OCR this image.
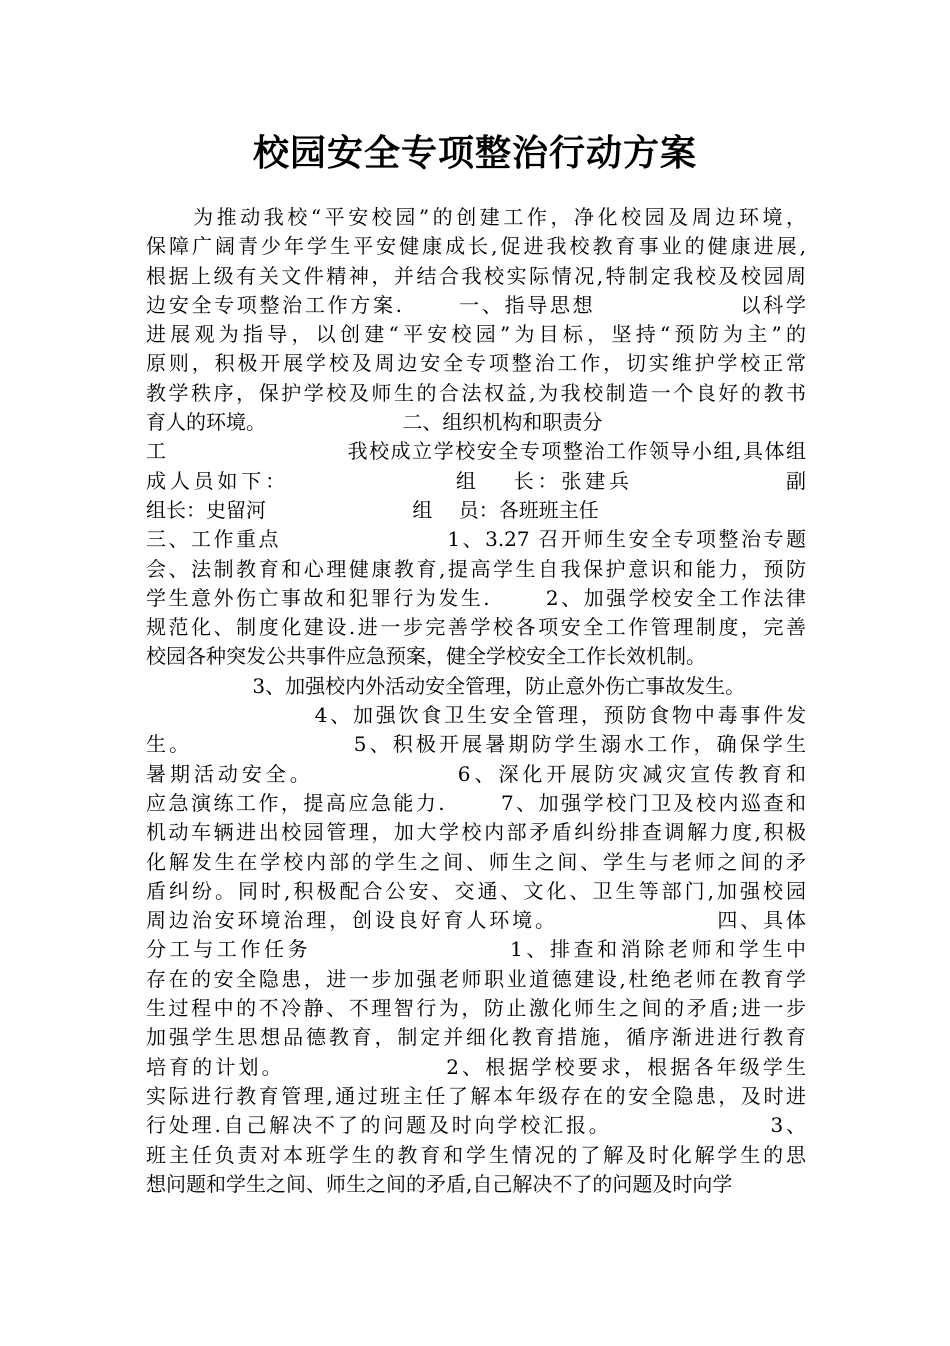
校园安全专项整治行动方案
　　为推动我校“平安校园”的创建工作，净化校园及周边环境，
保障广阔青少年学生平安健康成长,促进我校教育事业的健康进展,
根据上级有关文件精神，并结合我校实际情况,特制定我校及校园周
边安全专项整治工作方案.　　 一、指导思想　　　　　　 以科学
进展观为指导，以创建“平安校园”为目标，坚持“预防为主”的
原则，积极开展学校及周边安全专项整治工作，切实维护学校正常
教学秩序，保护学校及师生的合法权益,为我校制造一个良好的教书
育人的环境。　　　　　　　 二、组织机构和职责分
工　　　　　　　　 我校成立学校安全专项整治工作领导小组,具体组
成人员如下：　　　　　　　 组　 长：张建兵　　　　　　 副
组长：史留河　　　　　　　 组　 员：各班班主任
三、工作重点　　　　　　　 1、3.27 召开师生安全专项整治专题
会、法制教育和心理健康教育,提高学生自我保护意识和能力，预防
学生意外伤亡事故和犯罪行为发生.　　 2、加强学校安全工作法律
规范化、制度化建设.进一步完善学校各项安全工作管理制度，完善
校园各种突发公共事件应急预案，健全学校安全工作长效机制。
　　　　　 3、加强校内外活动安全管理，防止意外伤亡事故发生。
　　　　　　　 4、加强饮食卫生安全管理，预防食物中毒事件发
生。　　　　　　　 5、积极开展暑期防学生溺水工作，确保学生
暑期活动安全。　　　　　　 6、深化开展防灾减灾宣传教育和
应急演练工作，提高应急能力.　　 7、加强学校门卫及校内巡查和
机动车辆进出校园管理，加大学校内部矛盾纠纷排查调解力度,积极
化解发生在学校内部的学生之间、师生之间、学生与老师之间的矛
盾纠纷。同时,积极配合公安、交通、文化、卫生等部门,加强校园
周边治安环境治理，创设良好育人环境。　　　　　　　 四、具体
分工与工作任务　　　　　　　　 1、排查和消除老师和学生中
存在的安全隐患，进一步加强老师职业道德建设,杜绝老师在教育学
生过程中的不冷静、不理智行为，防止激化师生之间的矛盾;进一步
加强学生思想品德教育，制定并细化教育措施，循序渐进进行教育
培育的计划。　　　　　　　 2、根据学校要求，根据各年级学生
实际进行教育管理,通过班主任了解本年级存在的安全隐患，及时进
行处理.自己解决不了的问题及时向学校汇报。　　　　　　　 3、
班主任负责对本班学生的教育和学生情况的了解及时化解学生的思
想问题和学生之间、师生之间的矛盾,自己解决不了的问题及时向学
